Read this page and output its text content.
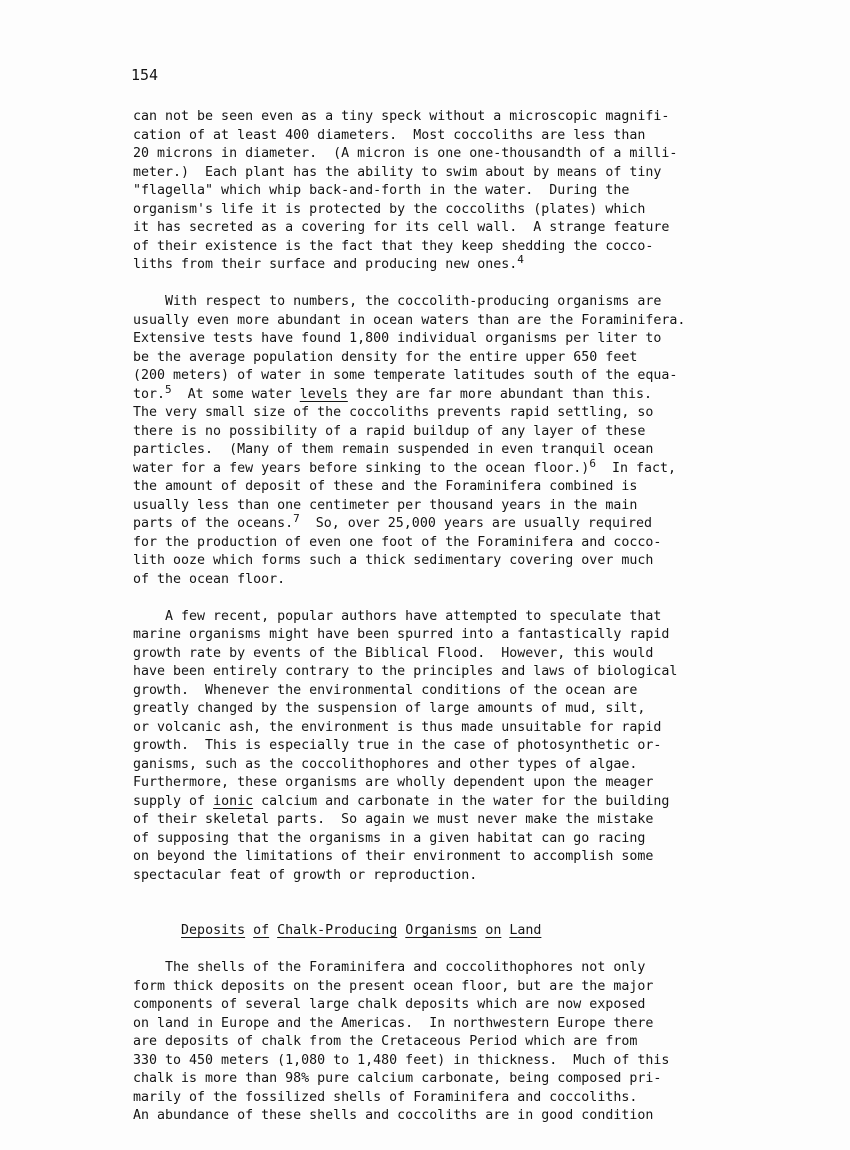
154

can not be seen even as a tiny speck without a microscopic magnifi-

cation of at least 400 diameters.  Most coccoliths are less than

20 microns in diameter.  (A micron is one one-thousandth of a milli-

meter.)  Each plant has the ability to swim about by means of tiny

"flagella" which whip back-and-forth in the water.  During the

organism's life it is protected by the coccoliths (plates) which

it has secreted as a covering for its cell wall.  A strange feature

of their existence is the fact that they keep shedding the cocco-

liths from their surface and producing new ones.$^4$

With respect to numbers, the coccolith-producing organisms are

usually even more abundant in ocean waters than are the Foraminifera.

Extensive tests have found 1,800 individual organisms per liter to

be the average population density for the entire upper 650 feet

(200 meters) of water in some temperate latitudes south of the equa-

tor.$^5$  At some water levels they are far more abundant than this.

The very small size of the coccoliths prevents rapid settling, so

there is no possibility of a rapid buildup of any layer of these

particles.  (Many of them remain suspended in even tranquil ocean

water for a few years before sinking to the ocean floor.)$^6$  In fact,

the amount of deposit of these and the Foraminifera combined is

usually less than one centimeter per thousand years in the main

parts of the oceans.$^7$  So, over 25,000 years are usually required

for the production of even one foot of the Foraminifera and cocco-

lith ooze which forms such a thick sedimentary covering over much

of the ocean floor.

A few recent, popular authors have attempted to speculate that

marine organisms might have been spurred into a fantastically rapid

growth rate by events of the Biblical Flood.  However, this would

have been entirely contrary to the principles and laws of biological

growth.  Whenever the environmental conditions of the ocean are

greatly changed by the suspension of large amounts of mud, silt,

or volcanic ash, the environment is thus made unsuitable for rapid

growth.  This is especially true in the case of photosynthetic or-

ganisms, such as the coccolithophores and other types of algae.

Furthermore, these organisms are wholly dependent upon the meager

supply of ionic calcium and carbonate in the water for the building

of their skeletal parts.  So again we must never make the mistake

of supposing that the organisms in a given habitat can go racing

on beyond the limitations of their environment to accomplish some

spectacular feat of growth or reproduction.

Deposits of Chalk-Producing Organisms on Land

The shells of the Foraminifera and coccolithophores not only

form thick deposits on the present ocean floor, but are the major

components of several large chalk deposits which are now exposed

on land in Europe and the Americas.  In northwestern Europe there

are deposits of chalk from the Cretaceous Period which are from

330 to 450 meters (1,080 to 1,480 feet) in thickness.  Much of this

chalk is more than 98% pure calcium carbonate, being composed pri-

marily of the fossilized shells of Foraminifera and coccoliths.

An abundance of these shells and coccoliths are in good condition
